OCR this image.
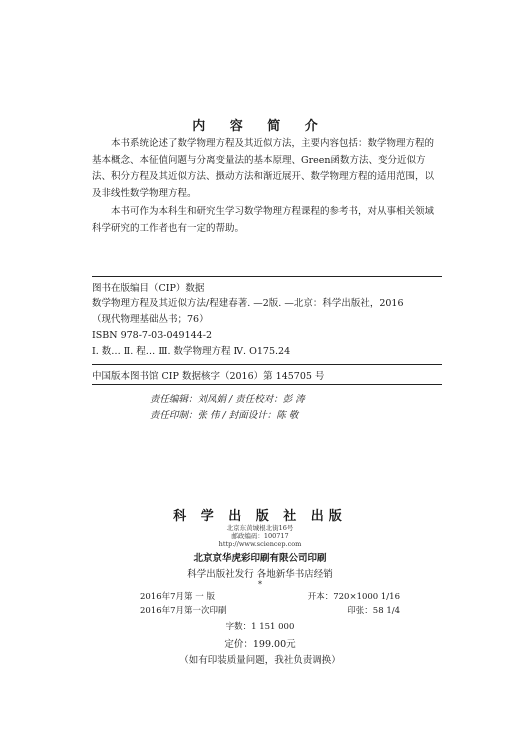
内 容 简 介

本书系统论述了数学物理方程及其近似方法，主要内容包括：数学物理方程的基本概念、本征值问题与分离变量法的基本原理、Green函数方法、变分近似方法、积分方程及其近似方法、摄动方法和渐近展开、数学物理方程的适用范围，以及非线性数学物理方程。

本书可作为本科生和研究生学习数学物理方程课程的参考书，对从事相关领域科学研究的工作者也有一定的帮助。

图书在版编目（CIP）数据
数学物理方程及其近似方法/程建春著. —2版. —北京：科学出版社，2016
（现代物理基础丛书；76）
ISBN 978-7-03-049144-2
Ⅰ. 数… Ⅱ. 程… Ⅲ. 数学物理方程 Ⅳ. O175.24
中国版本图书馆 CIP 数据核字（2016）第 145705 号
责任编辑：刘凤娟 / 责任校对：彭 涛
责任印制：张 伟 / 封面设计：陈 敬
科 学 出 版 社 出版
北京东黄城根北街16号
邮政编码：100717
http://www.sciencep.com
北京京华虎彩印刷有限公司印刷
科学出版社发行 各地新华书店经销
*
2016年7月第 一 版	开本：720×1000 1/16
2016年7月第一次印刷	印张：58 1/4
字数：1 151 000
定价：199.00元
（如有印装质量问题，我社负责调换）
